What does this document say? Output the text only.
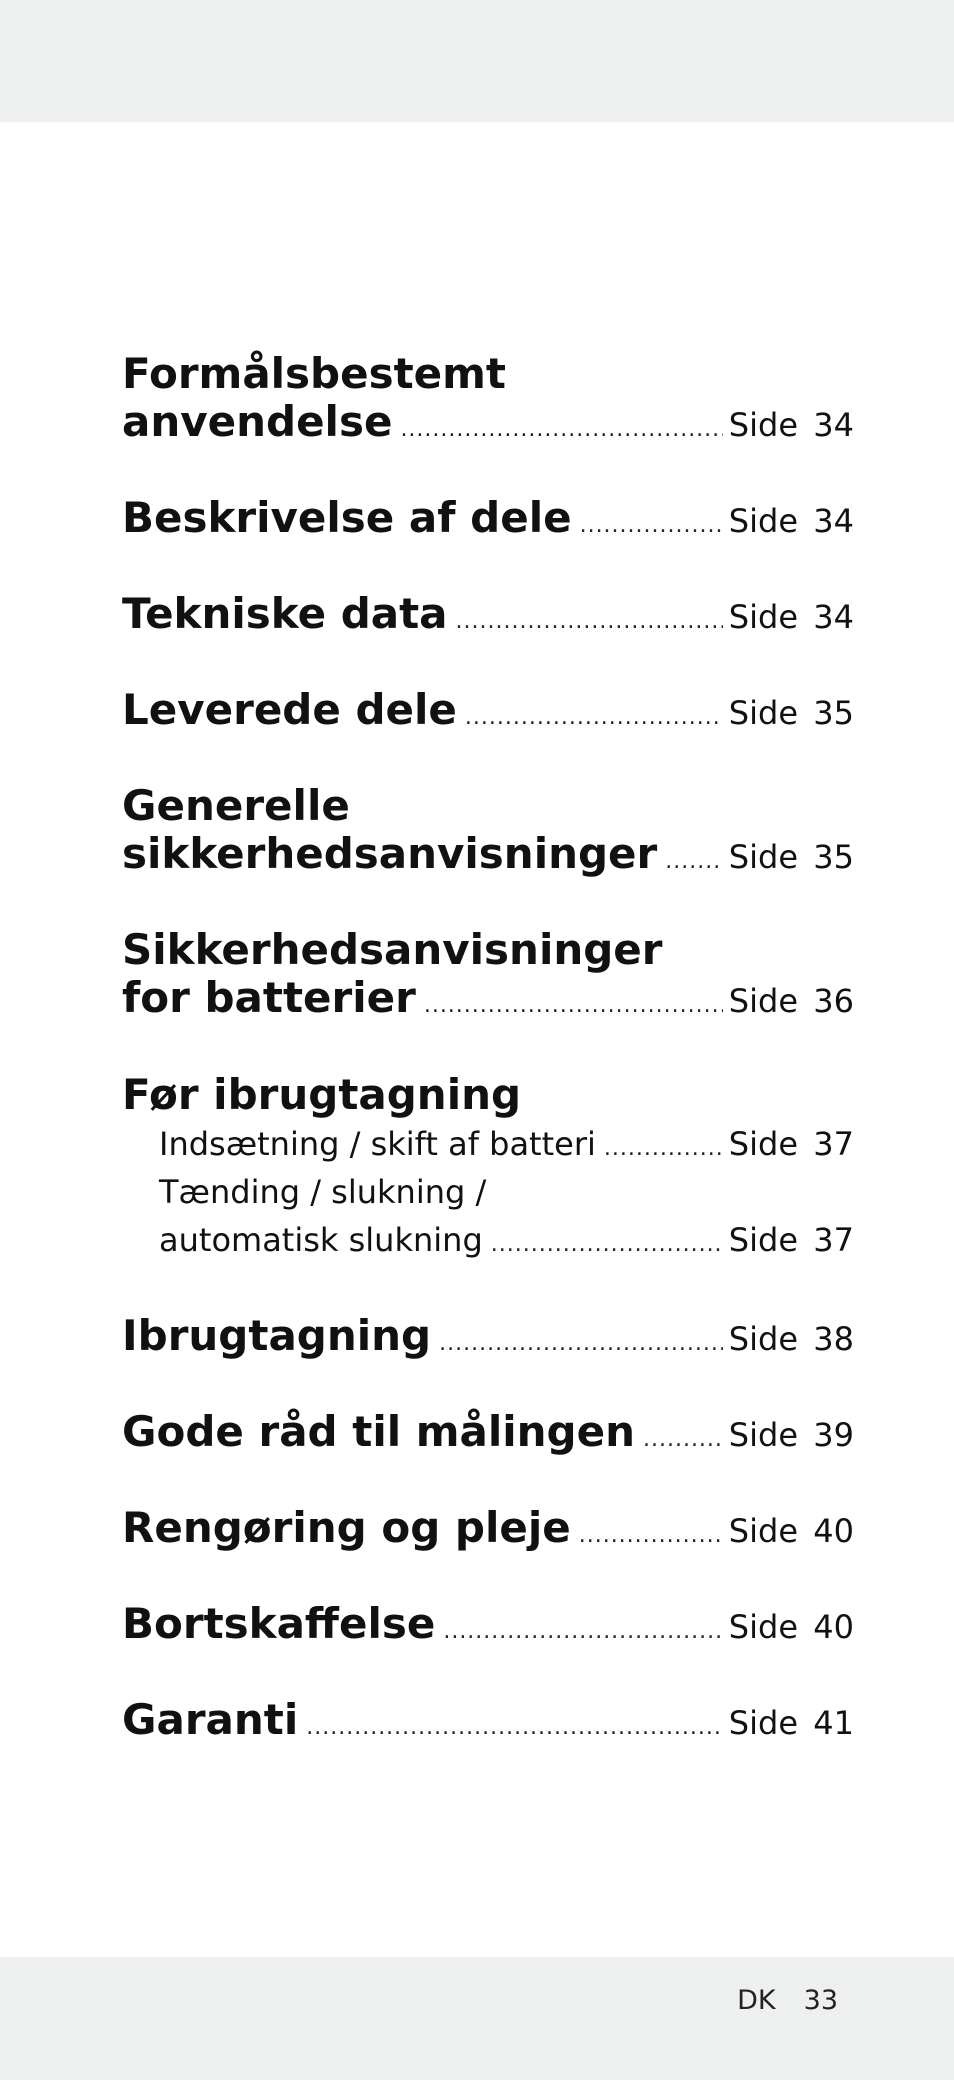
Formålsbestemt
anvendelse .....	Side 34
Beskrivelse af dele .....	Side 34
Tekniske data .....	Side 34
Leverede dele .....	Side 35
Generelle
sikkerhedsanvisninger ..... Side 35
Sikkerhedsanvisninger
for batterier .....	Side 36
Før ibrugtagning
Indsætning / skift af batteri .....	Side 37
Tænding / slukning /
automatisk slukning .....	Side 37
Ibrugtagning .....	Side 38
Gode råd til målingen .....	Side 39
Rengøring og pleje .....	Side 40
Bortskaffelse .....	Side 40
Garanti .....	Side 41
DK 33
